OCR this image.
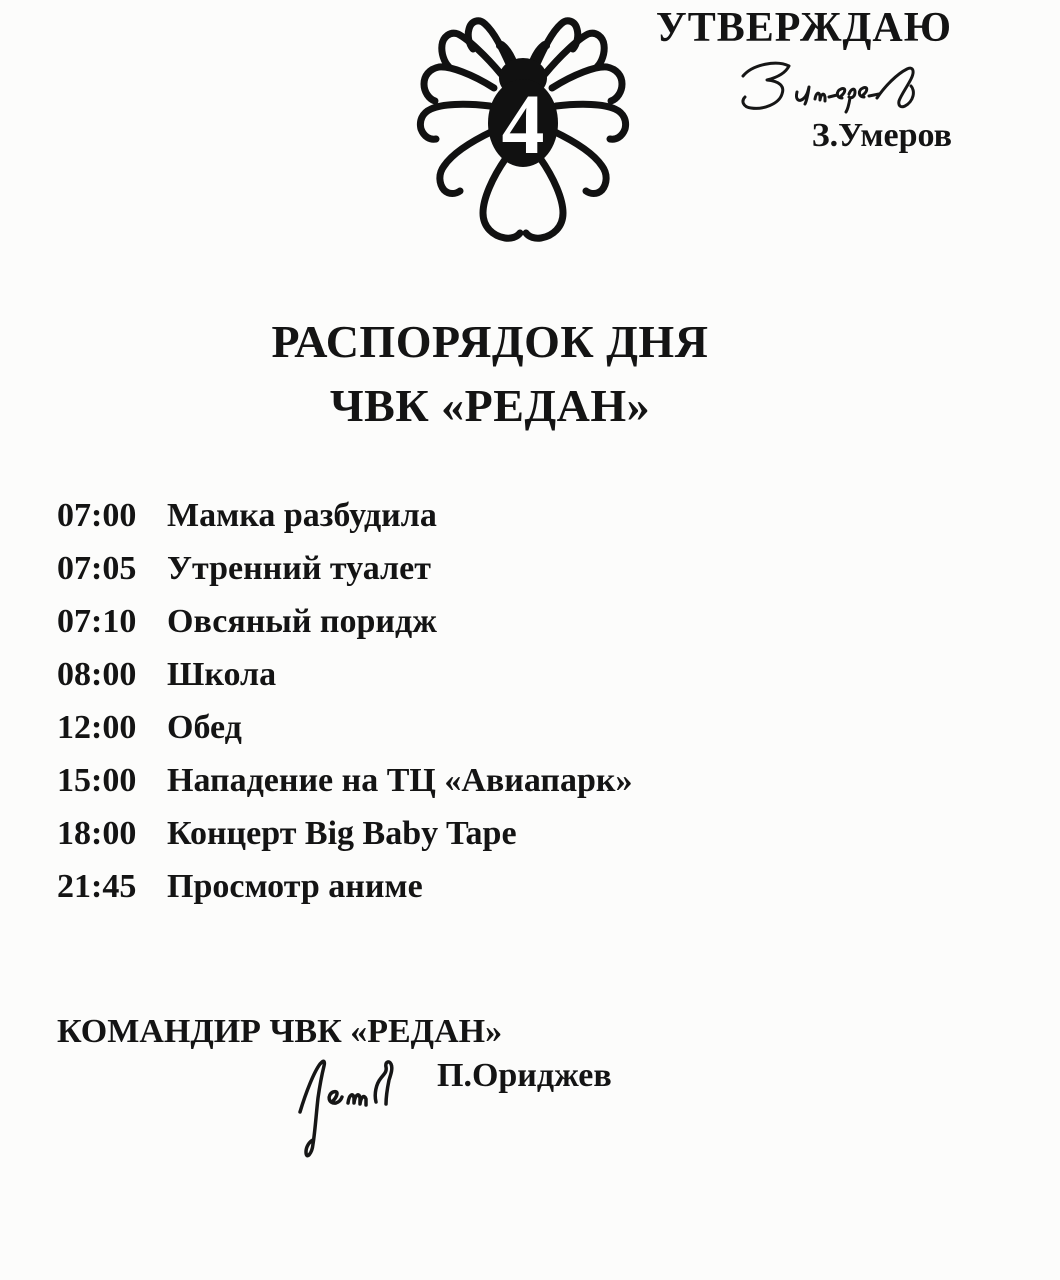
4
УТВЕРЖДАЮ
З.Умеров
РАСПОРЯДОК ДНЯ
ЧВК «РЕДАН»
07:00 Мамка разбудила
07:05 Утренний туалет
07:10 Овсяный поридж
08:00 Школа
12:00 Обед
15:00 Нападение на ТЦ «Авиапарк»
18:00 Концерт Big Baby Tape
21:45 Просмотр аниме
КОМАНДИР ЧВК «РЕДАН»
П.Ориджев
